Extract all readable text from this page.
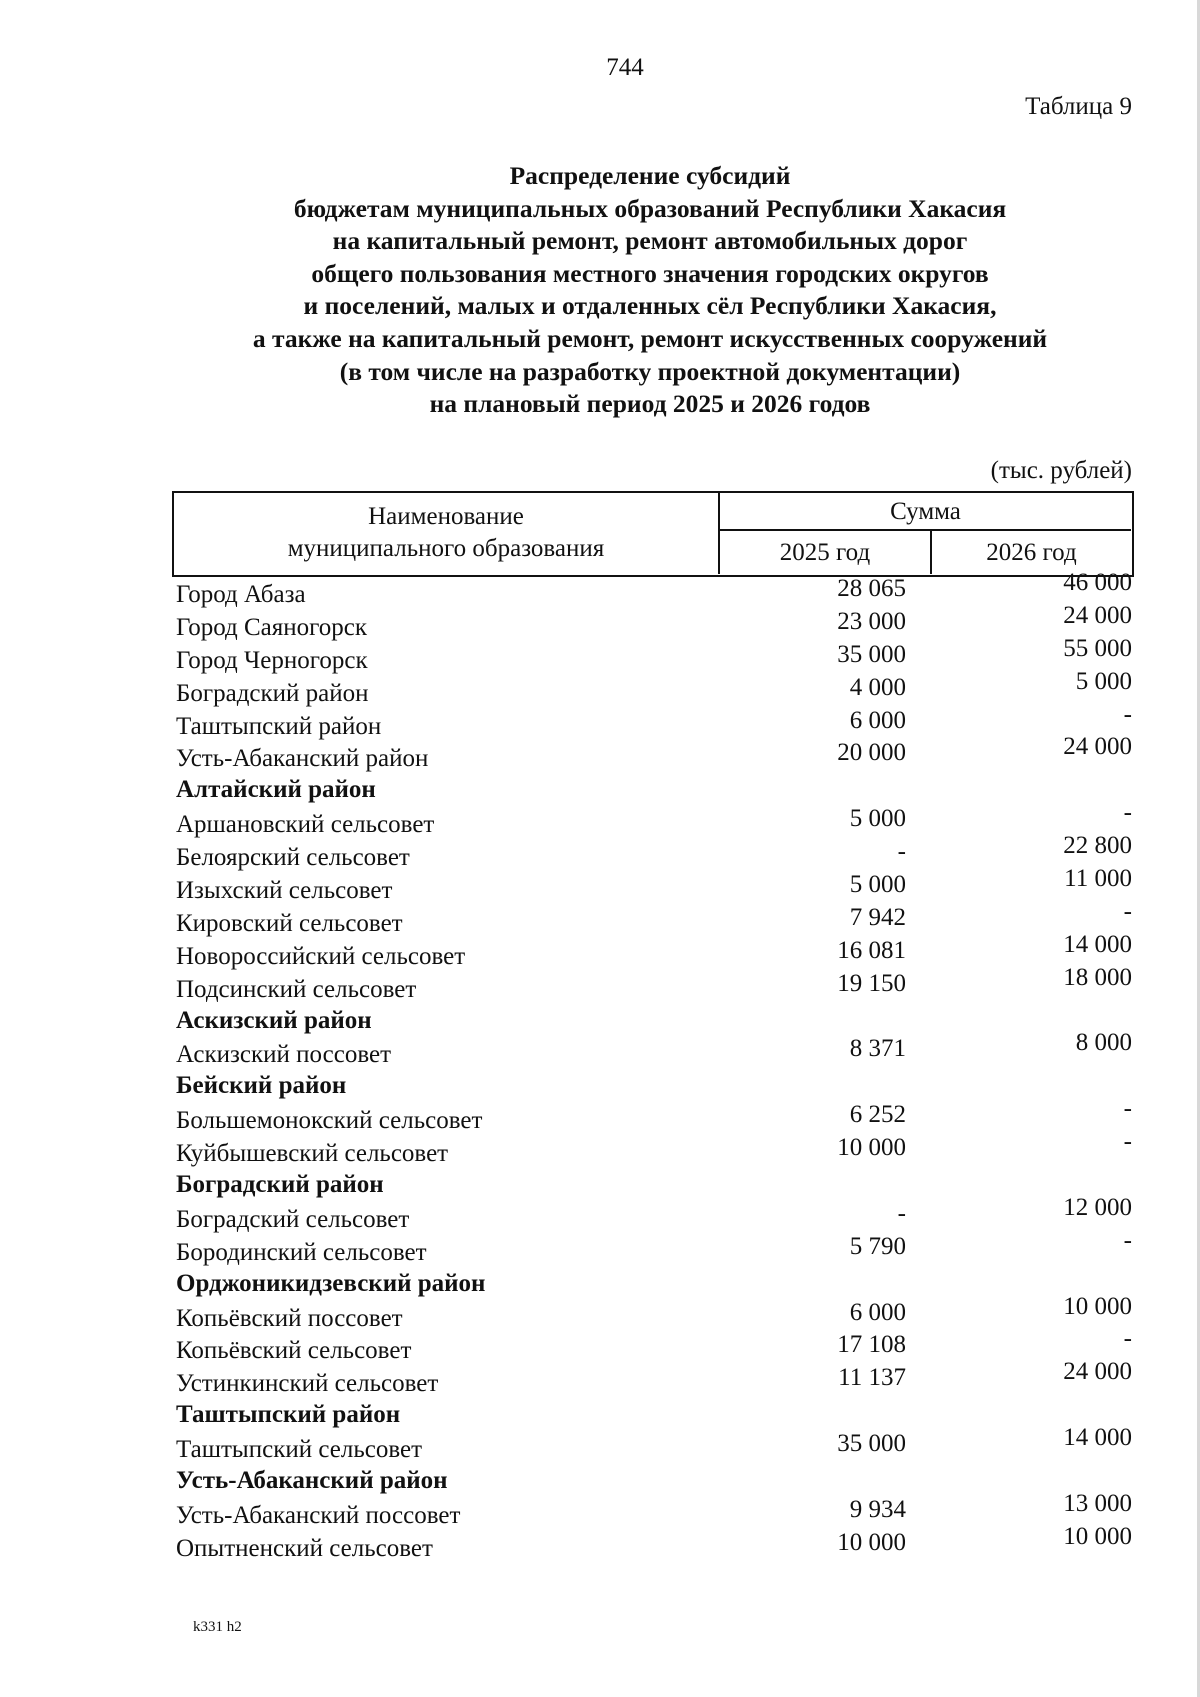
744
Таблица 9
Распределение субсидий
бюджетам муниципальных образований Республики Хакасия
на капитальный ремонт, ремонт автомобильных дорог
общего пользования местного значения городских округов
и поселений, малых и отдаленных сёл Республики Хакасия,
а также на капитальный ремонт, ремонт искусственных сооружений
(в том числе на разработку проектной документации)
на плановый период 2025 и 2026 годов
(тыс. рублей)
Наименование
муниципального образования
Сумма
2025 год	2026 год
Город Абаза	28 065	46 000
Город Саяногорск	23 000	24 000
Город Черногорск	35 000	55 000
Боградский район	4 000	5 000
Таштыпский район	6 000	-
Усть-Абаканский район	20 000	24 000
Алтайский район
Аршановский сельсовет	5 000	-
Белоярский сельсовет	-	22 800
Изыхский сельсовет	5 000	11 000
Кировский сельсовет	7 942	-
Новороссийский сельсовет	16 081	14 000
Подсинский сельсовет	19 150	18 000
Аскизский район
Аскизский поссовет	8 371	8 000
Бейский район
Большемонокский сельсовет	6 252	-
Куйбышевский сельсовет	10 000	-
Боградский район
Боградский сельсовет	-	12 000
Бородинский сельсовет	5 790	-
Орджоникидзевский район
Копьёвский поссовет	6 000	10 000
Копьёвский сельсовет	17 108	-
Устинкинский сельсовет	11 137	24 000
Таштыпский район
Таштыпский сельсовет	35 000	14 000
Усть-Абаканский район
Усть-Абаканский поссовет	9 934	13 000
Опытненский сельсовет	10 000	10 000
k331 h2
